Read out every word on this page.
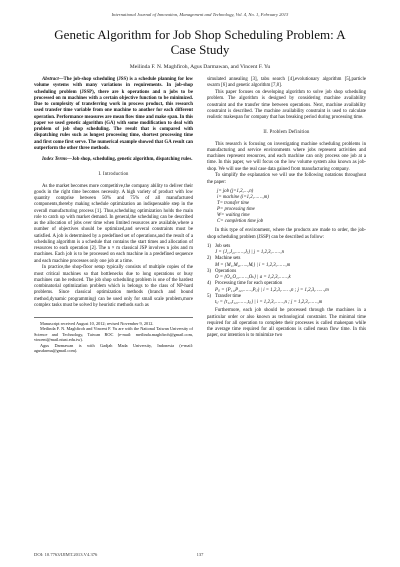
International Journal of Innovation, Management and Technology, Vol. 4, No. 1, February 2013
Genetic Algorithm for Job Shop Scheduling Problem: A Case Study
Meilinda F. N. Maghfiroh, Agus Darmawan, and Vincent F. Yu

Abstract—The job-shop scheduling (JSS) is a schedule planning for low volume systems with many variations in requirements. In job-shop scheduling problem (JSSP), there are k operations and n jobs to be processed on m machines with a certain objective function to be minimized. Due to complexity of transferring work in process product, this research used transfer time variable from one machine to another for each different operation. Performance measures are mean flow time and make span. In this paper we used genetic algorithm (GA) with some modification to deal with problem of job shop scheduling. The result that is compared with dispatching rules such as longest processing time, shortest processing time and first come first serve. The numerical example showed that GA result can outperform the other three methods.

Index Terms—Job shop, scheduling, genetic algorithm, dispatching rules.

I. Introduction

As the market becomes more competitive,the company ability to deliver their goods in the right time becomes necessity. A high variety of product with low quantity comprise between 50% and 75% of all manufactured components,thereby making schedule optimization an indispensable step in the overall manufacturing process [1]. Thus,scheduling optimization holds the main role to catch up with market demand. In general,the scheduling can be described as the allocation of jobs over time when limited resources are available,where a number of objectives should be optimized,and several constraints must be satisfied. A job is determined by a predefined set of operations,and the result of a scheduling algorithm is a schedule that contains the start times and allocation of resources to each operation [2]. The n × m classical JSP involves n jobs and m machines. Each job is to be processed on each machine in a predefined sequence and each machine processes only one job at a time.

In practice,the shop-floor setup typically consists of multiple copies of the most critical machines so that bottlenecks due to long operations or busy machines can be reduced. The job shop scheduling problem is one of the hardest combinatorial optimization problem which is belongs to the class of NP-hard problems. Since classical optimization methods (branch and bound method,dynamic programming) can be used only for small scale problem,more complex tasks must be solved by heuristic methods such as

Manuscript received August 10, 2012; revised November 9, 2012.

Meilinda F. N. Maghfiroh and Vincent F. Yu are with the National Taiwan University of Science and Technology, Taiwan ROC (e-mail: meilinda.maghfiroh@gmail.com, vincent@mail.ntust.edu.tw).

Agus Darmawan is with Gadjah Mada University, Indonesia (e-mail: agusdarma@gmail.com).

simulated annealing [3], tabu search [4],evolutionary algorithm [5],particle swarm [6] and genetic algorithm [7,8].

This paper focuses on developing algorithm to solve job shop scheduling problem. The algorithm is designed by considering machine availability constraint and the transfer time between operations. Next, machine availability constraint is described. The machine availability constraint is used to calculate realistic makespan for company that has breaking period during processing time.

II. Problem Definition

This research is focusing on investigating machine scheduling problems in manufacturing and service environments where jobs represent activities and machines represent resources, and each machine can only process one job at a time. In this paper, we will focus on the low volume system also known as job-shop. We will use the real case data gained from manufacturing company.

To simplify the explanation we will use the following notations throughout the paper:

j= job (j=1,2,…,n)
i= machine (i=1,2,……,m)
T= transfer time
P= processing time
W= waiting time
C= completion time job

In this type of environment, where the products are made to order, the job-shop scheduling problem (JSSP) can be described as follow:

1) Job sets
J = {J₁,J₂,……,Jⱼ} | j = 1,2,3,……,n
2) Machine sets
M = {M₁,M₂,…..,Mᵢ} | i = 1,2,3,……,m
3) Operations
O = {O₁,O₂,……,Oₖ} | a = 1,2,3,……,k
4) Processing time for each operation
Pᵢⱼ = {P₁₁,P₁₂,……,Pᵢⱼ} | i = 1,2,3,……,n ; j = 1,2,3,……,m
5) Transfer time
tᵢⱼ = {t₁₁,t₁₂,……,tᵢⱼ} | i = 1,2,3,……,n ; j = 1,2,3,……,m

Furthermore, each job should be processed through the machines in a particular order or also known as technological constraint. The minimal time required for all operation to complete their processes is called makespan while the average time required for all operations is called mean flow time. In this paper, our intention is to minimize two

DOI: 10.7763/IJIMT.2013.V4.376	137
